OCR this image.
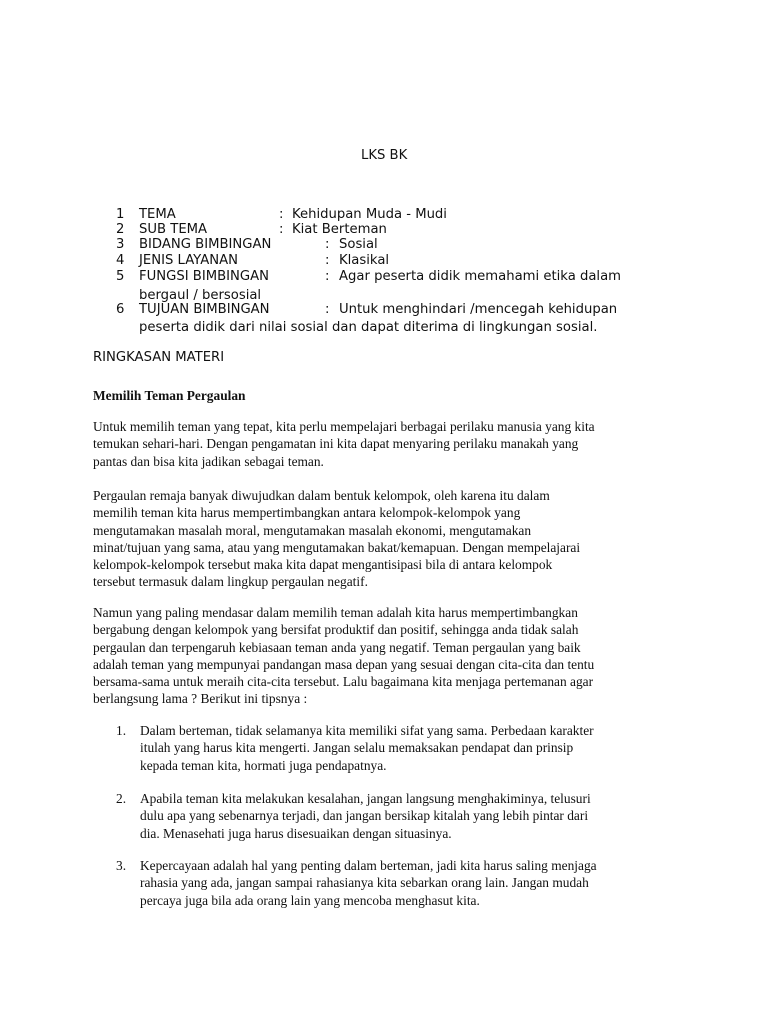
LKS BK
1 TEMA	: Kehidupan Muda - Mudi
2 SUB TEMA	: Kiat Berteman
3 BIDANG BIMBINGAN	: Sosial
4 JENIS LAYANAN	: Klasikal
5 FUNGSI BIMBINGAN	: Agar peserta didik memahami etika dalam
bergaul / bersosial
6 TUJUAN BIMBINGAN	: Untuk menghindari /mencegah kehidupan
peserta didik dari nilai sosial dan dapat diterima di lingkungan sosial.
RINGKASAN MATERI
Memilih Teman Pergaulan
Untuk memilih teman yang tepat, kita perlu mempelajari berbagai perilaku manusia yang kita
temukan sehari-hari. Dengan pengamatan ini kita dapat menyaring perilaku manakah yang
pantas dan bisa kita jadikan sebagai teman.
Pergaulan remaja banyak diwujudkan dalam bentuk kelompok, oleh karena itu dalam
memilih teman kita harus mempertimbangkan antara kelompok-kelompok yang
mengutamakan masalah moral, mengutamakan masalah ekonomi, mengutamakan
minat/tujuan yang sama, atau yang mengutamakan bakat/kemapuan. Dengan mempelajarai
kelompok-kelompok tersebut maka kita dapat mengantisipasi bila di antara kelompok
tersebut termasuk dalam lingkup pergaulan negatif.
Namun yang paling mendasar dalam memilih teman adalah kita harus mempertimbangkan
bergabung dengan kelompok yang bersifat produktif dan positif, sehingga anda tidak salah
pergaulan dan terpengaruh kebiasaan teman anda yang negatif. Teman pergaulan yang baik
adalah teman yang mempunyai pandangan masa depan yang sesuai dengan cita-cita dan tentu
bersama-sama untuk meraih cita-cita tersebut. Lalu bagaimana kita menjaga pertemanan agar
berlangsung lama ? Berikut ini tipsnya :
1. Dalam berteman, tidak selamanya kita memiliki sifat yang sama. Perbedaan karakter
itulah yang harus kita mengerti. Jangan selalu memaksakan pendapat dan prinsip
kepada teman kita, hormati juga pendapatnya.
2. Apabila teman kita melakukan kesalahan, jangan langsung menghakiminya, telusuri
dulu apa yang sebenarnya terjadi, dan jangan bersikap kitalah yang lebih pintar dari
dia. Menasehati juga harus disesuaikan dengan situasinya.
3. Kepercayaan adalah hal yang penting dalam berteman, jadi kita harus saling menjaga
rahasia yang ada, jangan sampai rahasianya kita sebarkan orang lain. Jangan mudah
percaya juga bila ada orang lain yang mencoba menghasut kita.
